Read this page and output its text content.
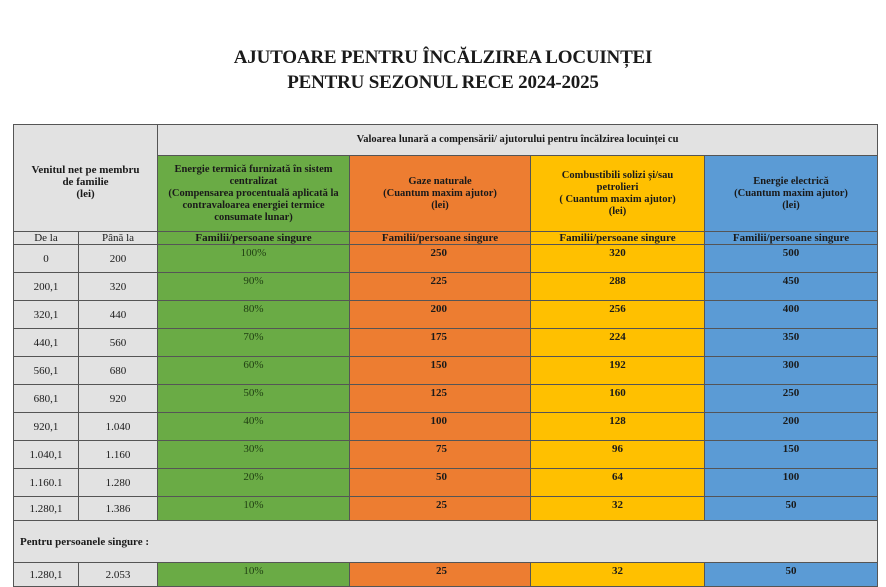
AJUTOARE PENTRU ÎNCĂLZIREA LOCUINȚEI
PENTRU SEZONUL RECE 2024-2025
Venitul net pe membru
de familie
(lei)		Valoarea lunară a compensării/ ajutorului pentru încălzirea locuinței cu			

Energie termică furnizată în sistem
centralizat
(Compensarea procentuală aplicată la
contravaloarea energiei termice
consumate lunar)

Gaze naturale
(Cuantum maxim ajutor)
(lei)

Combustibili solizi și/sau
petrolieri
( Cuantum maxim ajutor)
(lei)

Energie electrică
(Cuantum maxim ajutor)
(lei)

De la	Până la	Familii/persoane singure	Familii/persoane singure	Familii/persoane singure	Familii/persoane singure
0	200	100%	250	320	500
200,1	320	90%	225	288	450
320,1	440	80%	200	256	400
440,1	560	70%	175	224	350
560,1	680	60%	150	192	300
680,1	920	50%	125	160	250
920,1	1.040	40%	100	128	200
1.040,1	1.160	30%	75	96	150
1.160.1	1.280	20%	50	64	100
1.280,1	1.386	10%	25	32	50
Pentru persoanele singure :					
1.280,1	2.053	10%	25	32	50
